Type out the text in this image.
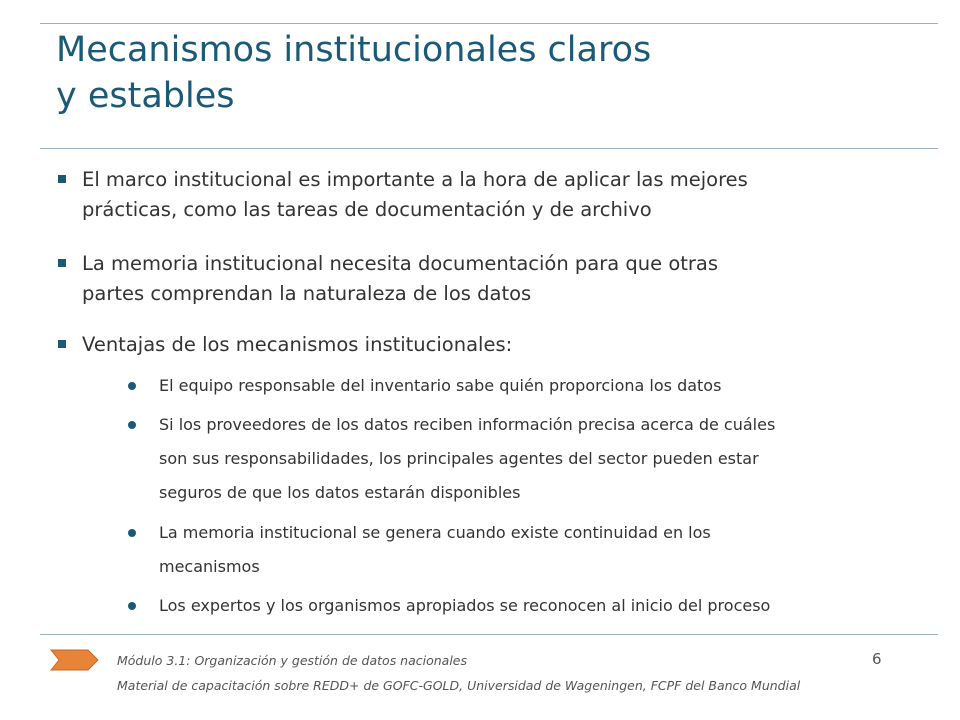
Mecanismos institucionales claros
y estables
El marco institucional es importante a la hora de aplicar las mejores
prácticas, como las tareas de documentación y de archivo
La memoria institucional necesita documentación para que otras
partes comprendan la naturaleza de los datos
Ventajas de los mecanismos institucionales:
El equipo responsable del inventario sabe quién proporciona los datos
Si los proveedores de los datos reciben información precisa acerca de cuáles
son sus responsabilidades, los principales agentes del sector pueden estar
seguros de que los datos estarán disponibles
La memoria institucional se genera cuando existe continuidad en los
mecanismos
Los expertos y los organismos apropiados se reconocen al inicio del proceso
Módulo 3.1: Organización y gestión de datos nacionales	6
Material de capacitación sobre REDD+ de GOFC-GOLD, Universidad de Wageningen, FCPF del Banco Mundial
